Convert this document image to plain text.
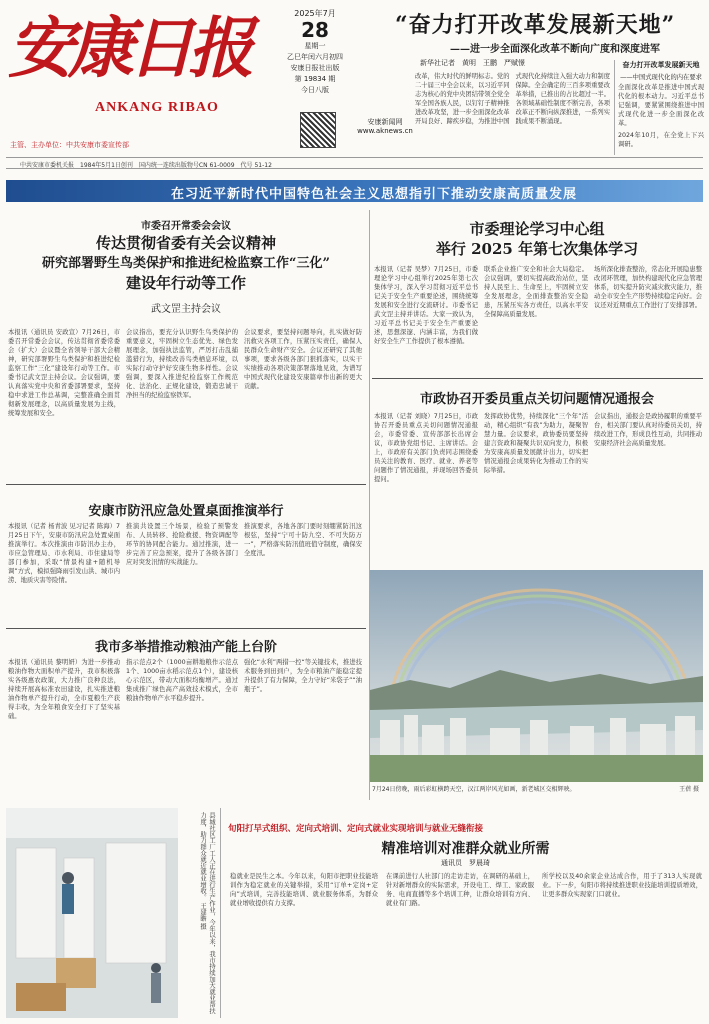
安康日报
ANKANG RIBAO
主管、主办单位：中共安康市委宣传部
2025年7月
28
星期一
乙巳年闰六月初四
安康日报社出版
第 19834 期
今日八版
安康新闻网
www.aknews.cn
中共安康市委机关报　1984年5月1日创刊　国内统一连续出版物号CN 61-0009　代号 51-12
“奋力打开改革发展新天地”
——进一步全面深化改革不断向广度和深度进军
新华社记者　黄明　王鹏　严赋憬
改革，伟大时代的鲜明标志。党的二十届三中全会以来，以习近平同志为核心的党中央团结带领全党全军全国各族人民，以钉钉子精神推进改革攻坚，进一步全面深化改革开局良好、蹄疾步稳，为推进中国式现代化持续注入强大动力和制度保障。全会确定的三百多项重要改革举措，已推出的占比超过一半。各领域基础性制度不断完善，各项改革正不断向纵深推进，一系列实践成果不断涌现。
奋力打开改革发展新天地
——中国式现代化的内在要求
全面深化改革是推进中国式现代化的根本动力。习近平总书记强调，要紧紧围绕推进中国式现代化进一步全面深化改革。
2024年10月，在全党上下兴调研。
在习近平新时代中国特色社会主义思想指引下推动安康高质量发展
市委召开常委会会议
传达贯彻省委有关会议精神
研究部署野生鸟类保护和推进纪检监察工作“三化”
建设年行动等工作
武文罡主持会议
本报讯（通讯员 安政宣）7月26日，市委召开常委会会议，传达贯彻省委常委会（扩大）会议暨全省领导干部大会精神，研究部署野生鸟类保护和推进纪检监察工作“三化”建设年行动等工作。市委书记武文罡主持会议。会议强调，要认真落实党中央和省委部署要求，坚持稳中求进工作总基调，完整准确全面贯彻新发展理念，以高质量发展为主线，统筹发展和安全。
会议指出，要充分认识野生鸟类保护的重要意义，牢固树立生态优先、绿色发展理念，加强执法监管，严厉打击乱捕滥猎行为，持续改善鸟类栖息环境，以实际行动守护好安康生物多样性。会议强调，要深入推进纪检监察工作规范化、法治化、正规化建设，锻造忠诚干净担当的纪检监察铁军。
会议要求，要坚持问题导向，扎实做好防汛救灾各项工作，压紧压实责任，确保人民群众生命财产安全。会议还研究了其他事项，要求各级各部门狠抓落实，以实干实绩推动各项决策部署落地见效，为谱写中国式现代化建设安康篇章作出新的更大贡献。
市委理论学习中心组
举行 2025 年第七次集体学习
本报讯（记者 吴梦）7月25日，市委理论学习中心组举行2025年第七次集体学习，深入学习贯彻习近平总书记关于安全生产重要论述，围绕统筹发展和安全进行交流研讨。市委书记武文罡主持并讲话。大家一致认为，习近平总书记关于安全生产重要论述，思想深邃、内涵丰富，为我们做好安全生产工作提供了根本遵循。
联系企业推广安全和社会大局稳定。会议强调，要切实提高政治站位，坚持人民至上、生命至上，牢固树立安全发展理念，全面排查整治安全隐患，压紧压实各方责任，以高水平安全保障高质量发展。
场所深化排查整治，常态化开展隐患整改闭环管理，加快构建现代化应急管理体系，切实提升防灾减灾救灾能力，推动全市安全生产形势持续稳定向好。会议还对近期重点工作进行了安排部署。
市政协召开委员重点关切问题情况通报会
本报讯（记者 刘晓）7月25日，市政协召开委员重点关切问题情况通报会，市委常委、宣传部部长出席会议，市政协党组书记、主席讲话。会上，市政府有关部门负责同志围绕委员关注的教育、医疗、就业、养老等问题作了情况通报，并现场回答委员提问。
发挥政协优势，持续深化“三个年”活动，精心组织“有我”为助力，凝聚智慧力量。会议要求，政协委员要坚持建言资政和凝聚共识双向发力，积极为安康高质量发展献计出力，切实把情况通报会成果转化为推动工作的实际举措。
会议指出，通报会是政协履职的重要平台，相关部门要认真对待委员关切，持续改进工作，形成良性互动，共同推动安康经济社会高质量发展。
安康市防汛应急处置桌面推演举行
本报讯（记者 杨青波 见习记者 陈海）7月25日下午，安康市防汛应急处置桌面推演举行。本次推演由市防汛办主办，市应急管理局、市水利局、市住建局等部门参加，采取“情景构建+随机导调”方式，模拟强降雨引发山洪、城市内涝、地质灾害等险情。
推演共设置三个场景，检验了预警发布、人员转移、抢险救援、物资调配等环节的协同配合能力。通过推演，进一步完善了应急预案，提升了各级各部门应对突发汛情的实战能力。
推演要求，各地各部门要时刻绷紧防汛这根弦，坚持“宁可十防九空、不可失防万一”，严格落实防汛值班值守制度，确保安全度汛。
我市多举措推动粮油产能上台阶
本报讯（通讯员 黎明妍）为进一步推动粮油作物大面积单产提升，我市积极落实各级惠农政策，大力推广良种良法，持续开展高标准农田建设，扎实推进粮油作物单产提升行动，全市夏粮生产获得丰收，为全年粮食安全打下了坚实基础。
指示范点2个（1000亩耕地粮作示范点1个、1000亩水稻示范点1个），建设核心示范区，带动大面积均衡增产。通过集成推广绿色高产高效技术模式，全市粮油作物单产水平稳步提升。
强化“水利”两措一控“等关键技术，推进技术服务到田到户，为全市粮油产能稳定提升提供了有力保障，全力守好“米袋子”“油瓶子”。
7月24日傍晚，雨后彩虹横跨天空，汉江两岸风光如画，新老城区交相辉映。	王蓓 摄
县城社区工厂工人正在进行生产作业，今年以来，我市持续加大就业帮扶力度，助力群众就近就业增收。 王建瞻 摄
旬阳打早式组织、定向式培训、定向式就业实现培训与就业无缝衔接
精准培训对准群众就业所需
通讯员　罗晨琦
稳就业是民生之本。今年以来，旬阳市把职业技能培训作为稳定就业的关键举措，采用“订单+定岗+定向”式培训，完善技能培训、就业服务体系，为群众就业增收提供有力支撑。
在课前进行人社部门的走访走访，在调研的基础上，针对新增群众的实际需求，开设电工、焊工、家政服务、电商直播等多个培训工种，让群众培训有方向、就业有门路。
所学校以及40余家企业达成合作，用于了313人实现就业。下一步，旬阳市将持续推进职业技能培训提质增效，让更多群众实现家门口就业。
